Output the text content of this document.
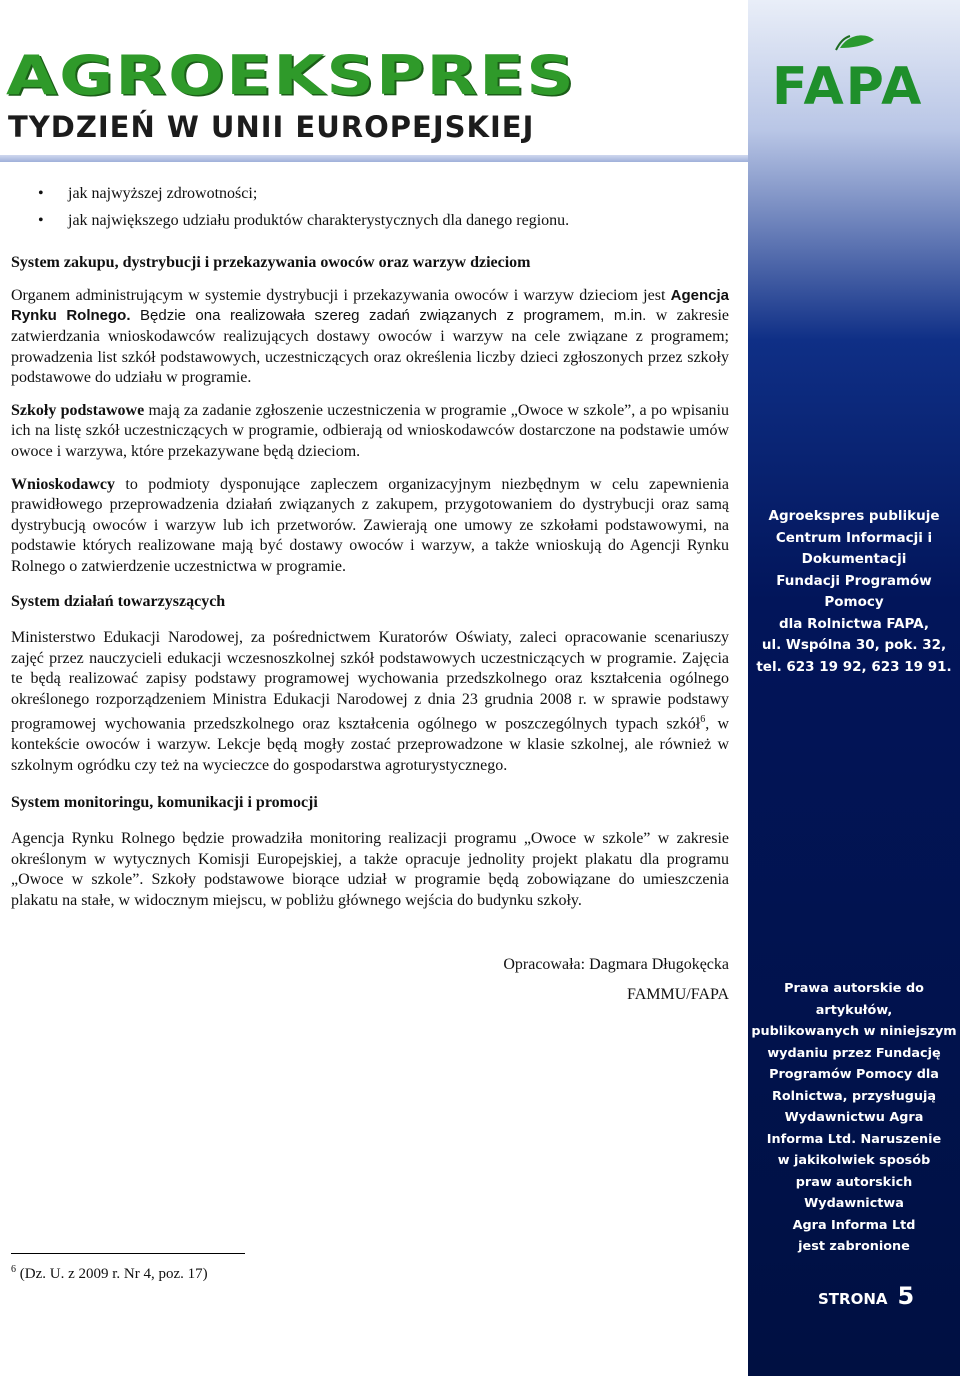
AGROEKSPRES
TYDZIEŃ W UNII EUROPEJSKIEJ
FAPA
Agroekspres publikuje
Centrum Informacji i Dokumentacji
Fundacji Programów Pomocy
dla Rolnictwa FAPA,
ul. Wspólna 30, pok. 32,
tel. 623 19 92, 623 19 91.
Prawa autorskie do artykułów,
publikowanych w niniejszym
wydaniu przez Fundację
Programów Pomocy dla
Rolnictwa, przysługują
Wydawnictwu Agra
Informa Ltd. Naruszenie
w jakikolwiek sposób
praw autorskich Wydawnictwa
Agra Informa Ltd
jest zabronione
STRONA 5
• jak najwyższej zdrowotności;
• jak największego udziału produktów charakterystycznych dla danego regionu.

System zakupu, dystrybucji i przekazywania owoców oraz warzyw dzieciom

Organem administrującym w systemie dystrybucji i przekazywania owoców i warzyw dzieciom jest Agencja Rynku Rolnego. Będzie ona realizowała szereg zadań związanych z programem, m.in. w zakresie zatwierdzania wnioskodawców realizujących dostawy owoców i warzyw na cele związane z programem; prowadzenia list szkół podstawowych, uczestniczących oraz określenia liczby dzieci zgłoszonych przez szkoły podstawowe do udziału w programie.

Szkoły podstawowe mają za zadanie zgłoszenie uczestniczenia w programie „Owoce w szkole”, a po wpisaniu ich na listę szkół uczestniczących w programie, odbierają od wnioskodawców dostarczone na podstawie umów owoce i warzywa, które przekazywane będą dzieciom.

Wnioskodawcy to podmioty dysponujące zapleczem organizacyjnym niezbędnym w celu zapewnienia prawidłowego przeprowadzenia działań związanych z zakupem, przygotowaniem do dystrybucji oraz samą dystrybucją owoców i warzyw lub ich przetworów. Zawierają one umowy ze szkołami podstawowymi, na podstawie których realizowane mają być dostawy owoców i warzyw, a także wnioskują do Agencji Rynku Rolnego o zatwierdzenie uczestnictwa w programie.

System działań towarzyszących

Ministerstwo Edukacji Narodowej, za pośrednictwem Kuratorów Oświaty, zaleci opracowanie scenariuszy zajęć przez nauczycieli edukacji wczesnoszkolnej szkół podstawowych uczestniczących w programie. Zajęcia te będą realizować zapisy podstawy programowej wychowania przedszkolnego oraz kształcenia ogólnego określonego rozporządzeniem Ministra Edukacji Narodowej z dnia 23 grudnia 2008 r. w sprawie podstawy programowej wychowania przedszkolnego oraz kształcenia ogólnego w poszczególnych typach szkół$^6$, w kontekście owoców i warzyw. Lekcje będą mogły zostać przeprowadzone w klasie szkolnej, ale również w szkolnym ogródku czy też na wycieczce do gospodarstwa agroturystycznego.

System monitoringu, komunikacji i promocji

Agencja Rynku Rolnego będzie prowadziła monitoring realizacji programu „Owoce w szkole” w zakresie określonym w wytycznych Komisji Europejskiej, a także opracuje jednolity projekt plakatu dla programu „Owoce w szkole”. Szkoły podstawowe biorące udział w programie będą zobowiązane do umieszczenia plakatu na stałe, w widocznym miejscu, w pobliżu głównego wejścia do budynku szkoły.

Opracowała: Dagmara Długokęcka
FAMMU/FAPA
$^6$ (Dz. U. z 2009 r. Nr 4, poz. 17)
